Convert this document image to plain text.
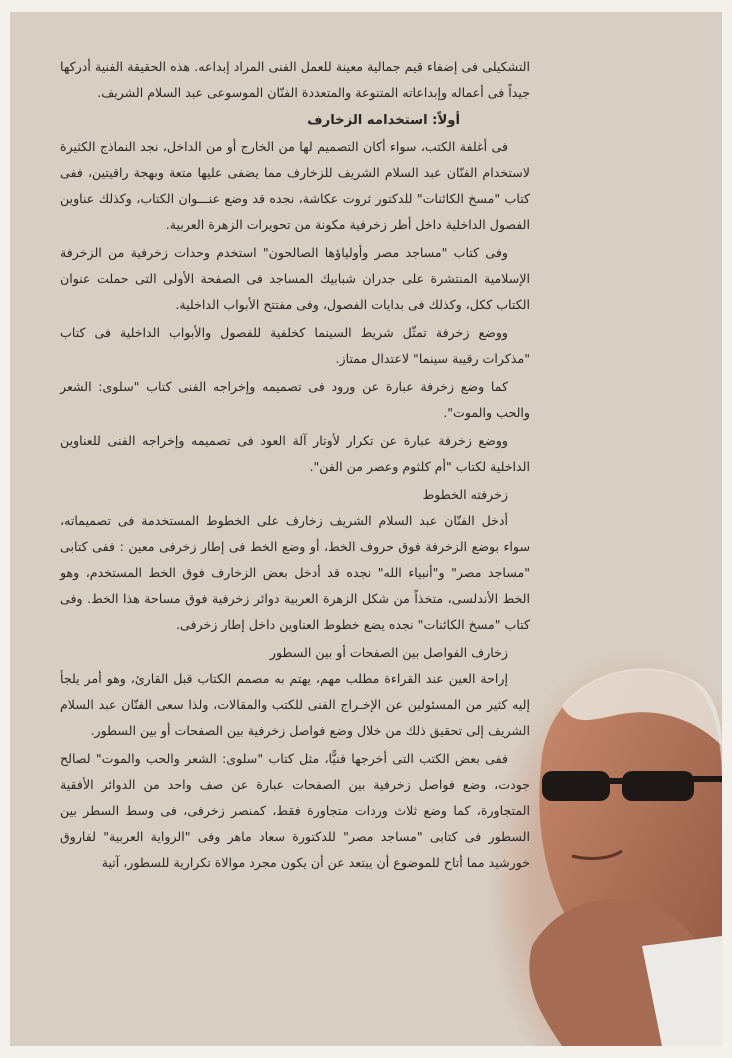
التشكيلى فى إضفاء قيم جمالية معينة للعمل الفنى المراد إبداعه. هذه الحقيقة الفنية أدركها جيداً فى أعماله وإبداعاته المتنوعة والمتعددة الفنّان الموسوعى عبد السلام الشريف.

أولاً: استخدامه الزخارف

فى أغلفة الكتب، سواء أكان التصميم لها من الخارج أو من الداخل، نجد النماذج الكثيرة لاستخدام الفنّان عبد السلام الشريف للزخارف مما يضفى عليها متعة وبهجة راقيتين، ففى كتاب "مسخ الكائنات" للدكتور ثروت عكاشة، نجده قد وضع عنـــوان الكتاب، وكذلك عناوين الفصول الداخلية داخل أطر زخرفية مكونة من تحويرات الزهرة العربية.

وفى كتاب "مساجد مصر وأولياؤها الصالحون" استخدم وحدات زخرفية من الزخرفة الإسلامية المنتشرة على جدران شبابيك المساجد فى الصفحة الأولى التى حملت عنوان الكتاب ككل، وكذلك فى بدايات الفصول، وفى مفتتح الأبواب الداخلية.

ووضع زخرفة تمثّل شريط السينما كخلفية للفصول والأبواب الداخلية فى كتاب "مذكرات رقيبة سينما" لاعتدال ممتاز.

كما وضع زخرفة عبارة عن ورود فى تصميمه وإخراجه الفنى كتاب "سلوى: الشعر والحب والموت".

ووضع زخرفة عبارة عن تكرار لأوتار آلة العود فى تصميمه وإخراجه الفنى للعناوين الداخلية لكتاب "أم كلثوم وعصر من الفن".

زخرفته الخطوط

أدخل الفنّان عبد السلام الشريف زخارف على الخطوط المستخدمة فى تصميماته، سواء بوضع الزخرفة فوق حروف الخط، أو وضع الخط فى إطار زخرفى معين : ففى كتابى "مساجد مصر" و"أنبياء الله" نجده قد أدخل بعض الزخارف فوق الخط المستخدم، وهو الخط الأندلسى، متخذاً من شكل الزهرة العربية دوائر زخرفية فوق مساحة هذا الخط. وفى كتاب "مسخ الكائنات" نجده يضع خطوط العناوين داخل إطار زخرفى.

زخارف الفواصل بين الصفحات أو بين السطور

إراحة العين عند القراءة مطلب مهم، يهتم به مصمم الكتاب قبل القارئ، وهو أمر يلجأ إليه كثير من المسئولين عن الإخـراج الفنى للكتب والمقالات، ولذا سعى الفنّان عبد السلام الشريف إلى تحقيق ذلك من خلال وضع فواصل زخرفية بين الصفحات أو بين السطور.

ففى بعض الكتب التى أخرجها فنيًّا، مثل كتاب "سلوى: الشعر والحب والموت" لصالح جودت، وضع فواصل زخرفية بين الصفحات عبارة عن صف واحد من الدوائر الأفقية المتجاورة، كما وضع ثلاث وردات متجاورة فقط، كمنصر زخرفى، فى وسط السطر بين السطور فى كتابى "مساجد مصر" للدكتورة سعاد ماهر وفى "الرواية العربية" لفاروق خورشيد مما أتاح للموضوع أن يبتعد عن أن يكون مجرد موالاة تكرارية للسطور، آتية
